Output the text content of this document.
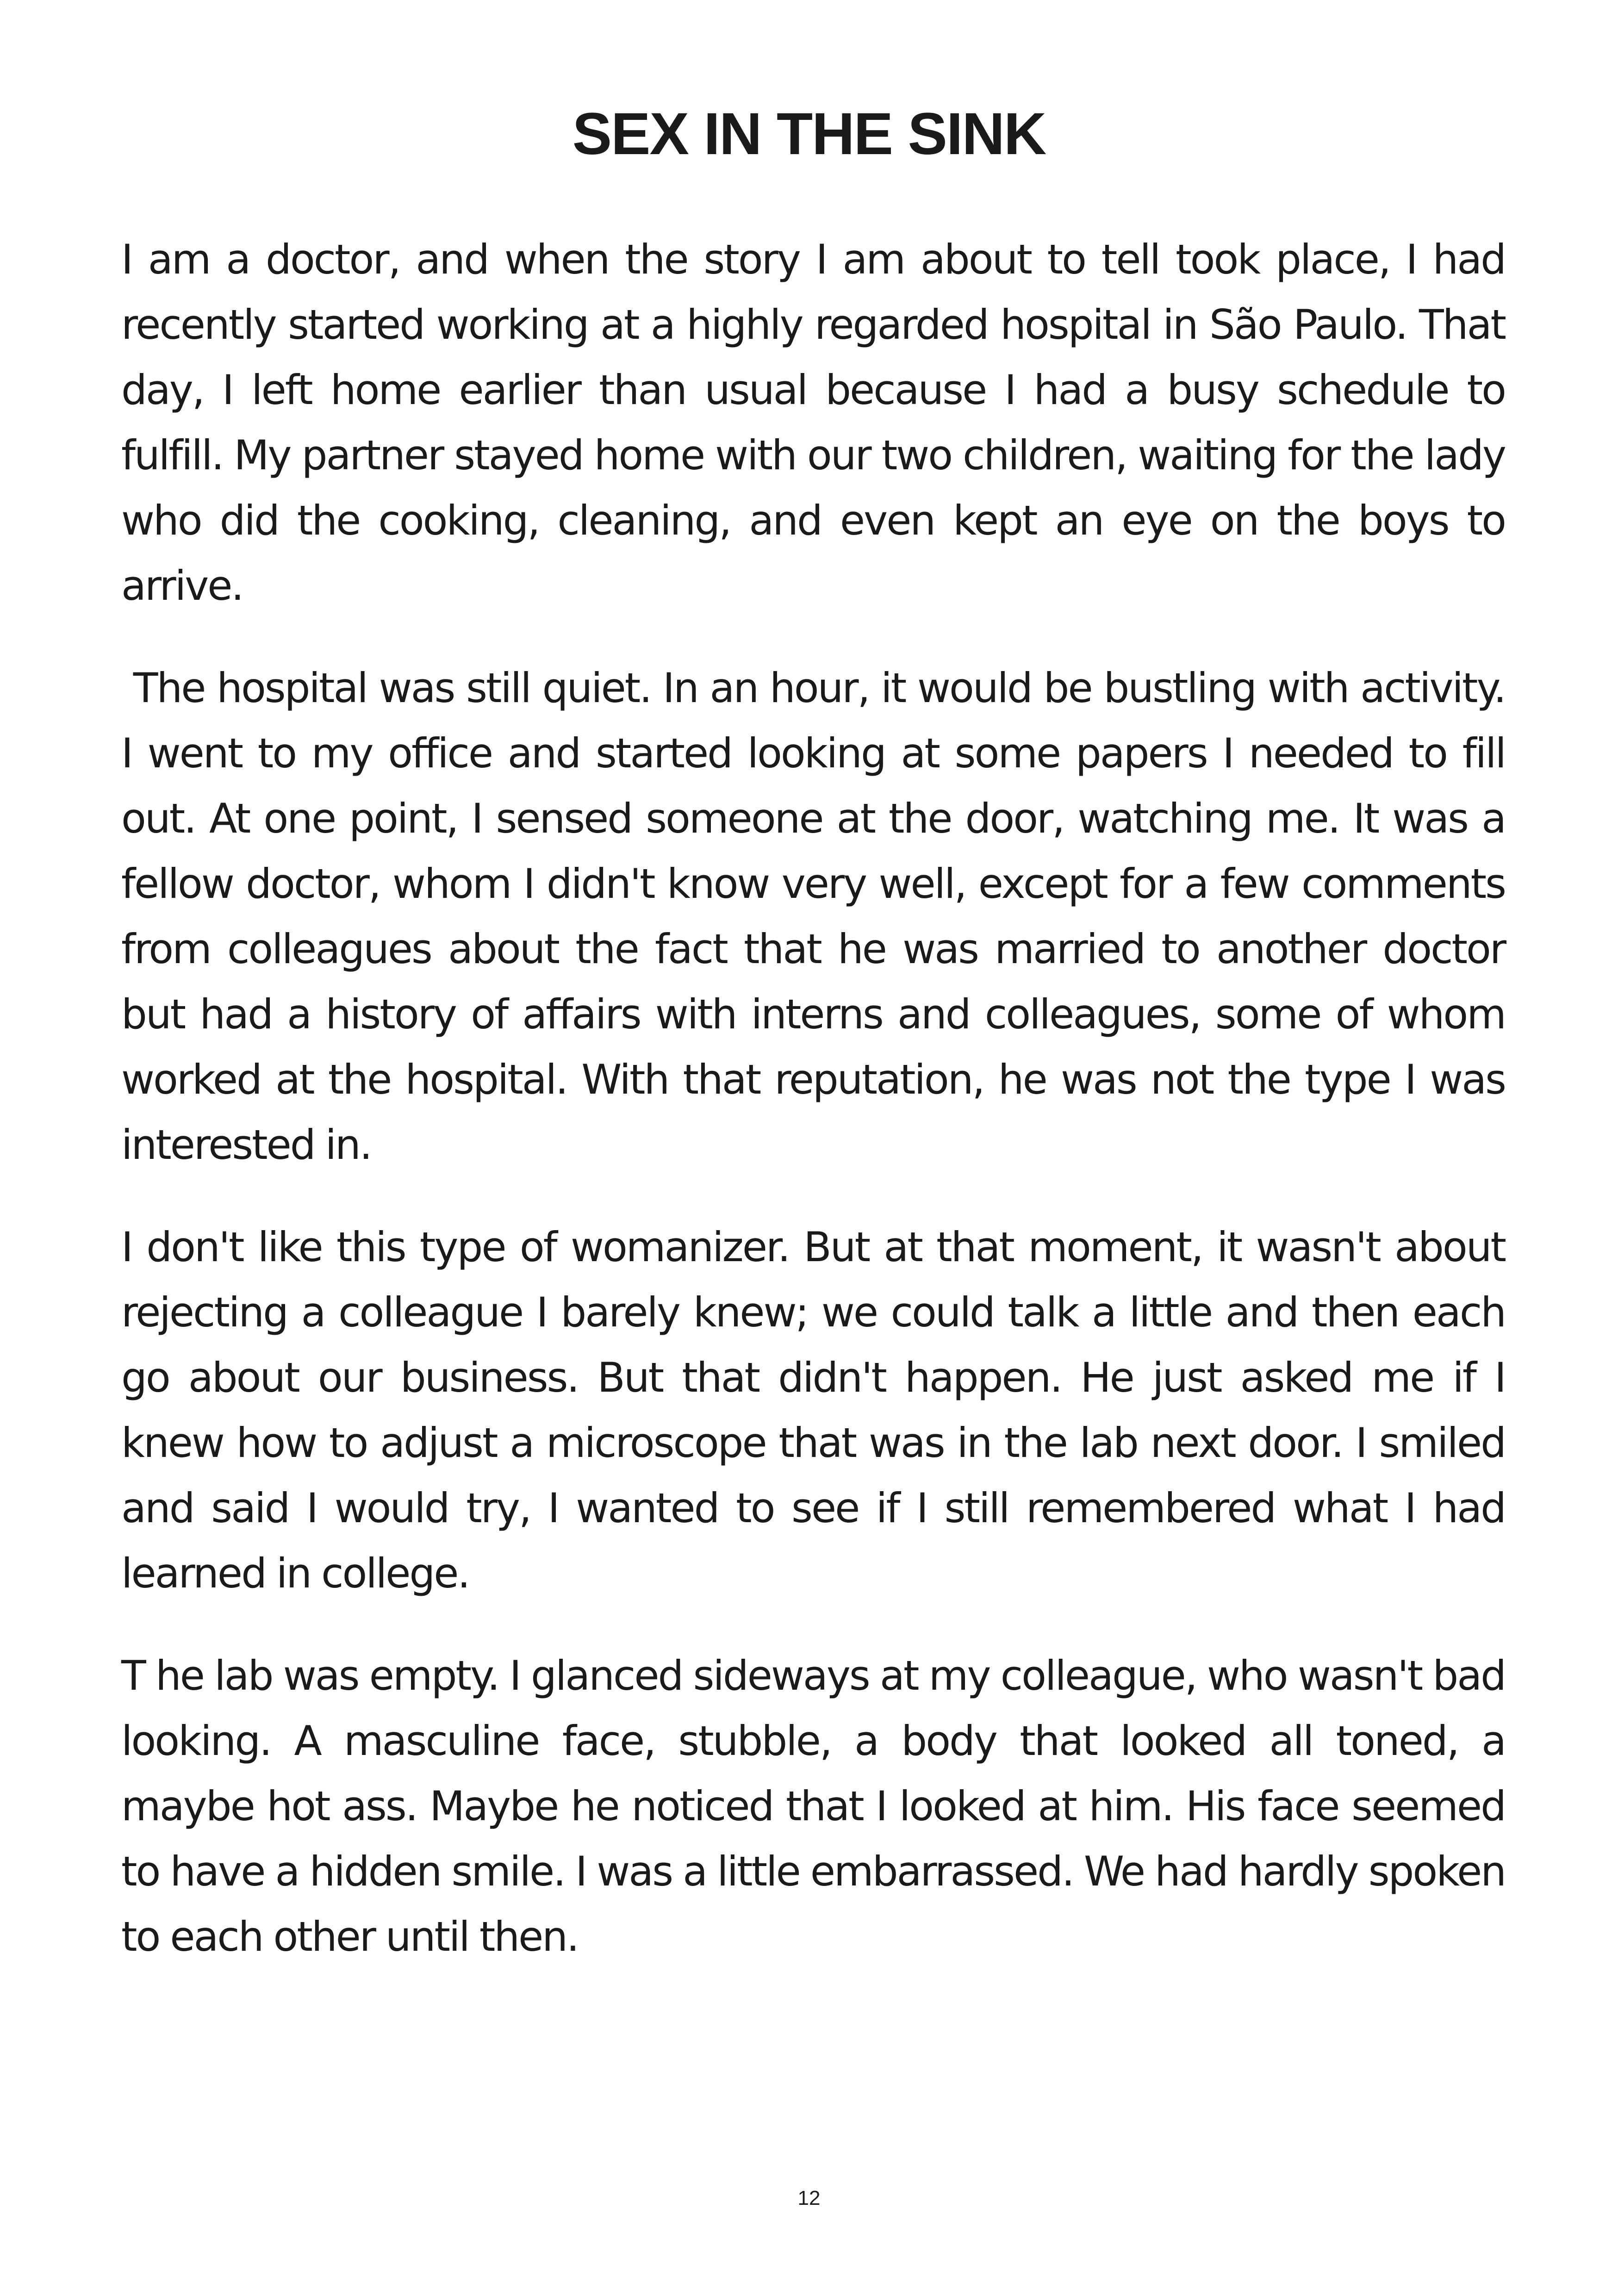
SEX IN THE SINK

I am a doctor, and when the story I am about to tell took place, I had recently started working at a highly regarded hospital in São Paulo. That day, I left home earlier than usual because I had a busy schedule to fulfill. My partner stayed home with our two children, waiting for the lady who did the cooking, cleaning, and even kept an eye on the boys to arrive.

The hospital was still quiet. In an hour, it would be bustling with activity. I went to my office and started looking at some papers I needed to fill out. At one point, I sensed someone at the door, watching me. It was a fellow doctor, whom I didn't know very well, except for a few comments from colleagues about the fact that he was married to another doctor but had a history of affairs with interns and colleagues, some of whom worked at the hospital. With that reputation, he was not the type I was interested in.

I don't like this type of womanizer. But at that moment, it wasn't about rejecting a colleague I barely knew; we could talk a little and then each go about our business. But that didn't happen. He just asked me if I knew how to adjust a microscope that was in the lab next door. I smiled and said I would try, I wanted to see if I still remembered what I had learned in college.

T he lab was empty. I glanced sideways at my colleague, who wasn't bad looking. A masculine face, stubble, a body that looked all toned, a maybe hot ass. Maybe he noticed that I looked at him. His face seemed to have a hidden smile. I was a little embarrassed. We had hardly spoken to each other until then.

12
